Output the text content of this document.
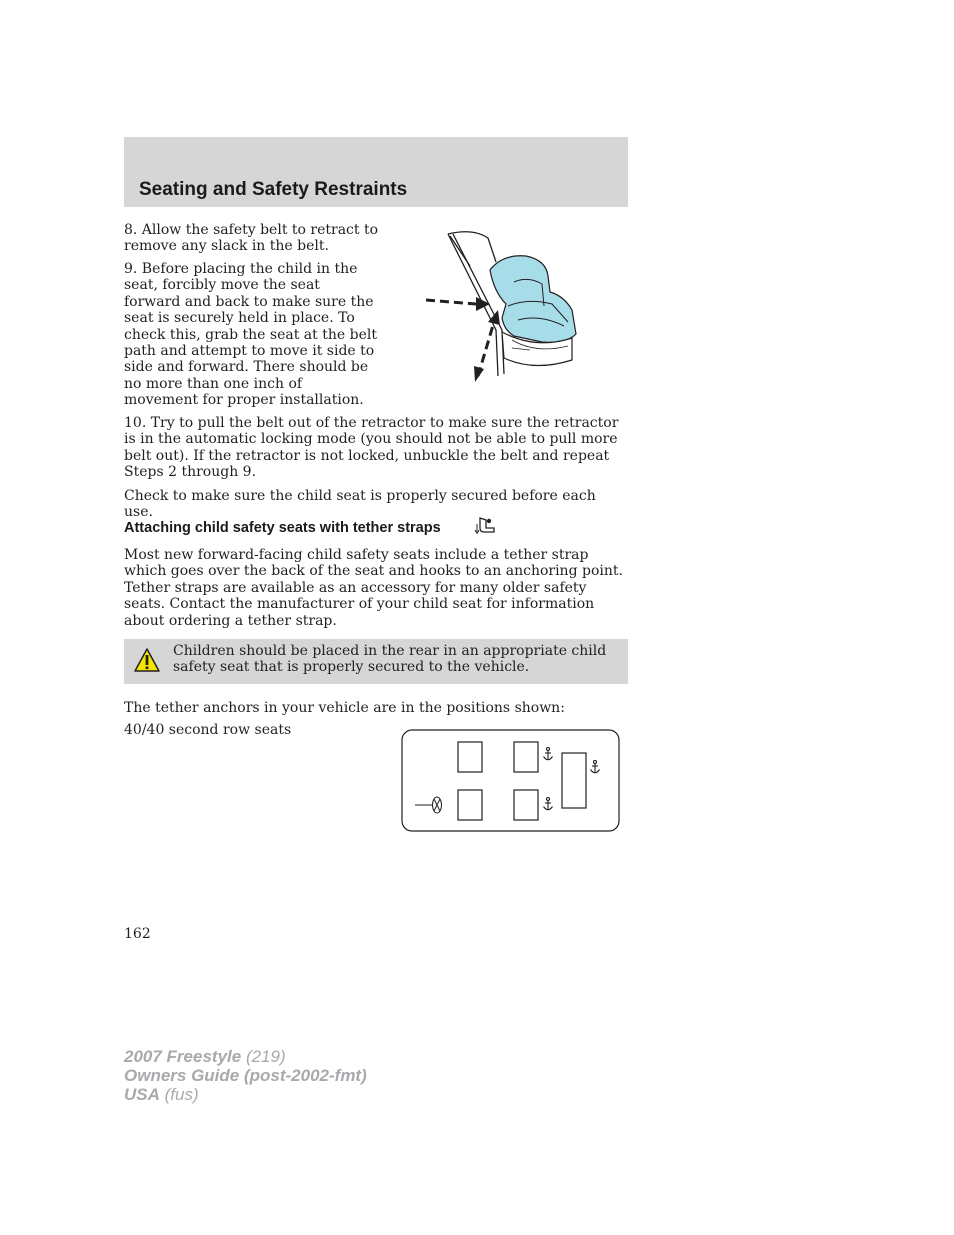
Seating and Safety Restraints

8. Allow the safety belt to retract to remove any slack in the belt.

9. Before placing the child in the seat, forcibly move the seat forward and back to make sure the seat is securely held in place. To check this, grab the seat at the belt path and attempt to move it side to side and forward. There should be no more than one inch of movement for proper installation.

10. Try to pull the belt out of the retractor to make sure the retractor is in the automatic locking mode (you should not be able to pull more belt out). If the retractor is not locked, unbuckle the belt and repeat Steps 2 through 9.

Check to make sure the child seat is properly secured before each use.

Attaching child safety seats with tether straps

Most new forward-facing child safety seats include a tether strap which goes over the back of the seat and hooks to an anchoring point. Tether straps are available as an accessory for many older safety seats. Contact the manufacturer of your child seat for information about ordering a tether strap.

Children should be placed in the rear in an appropriate child safety seat that is properly secured to the vehicle.

The tether anchors in your vehicle are in the positions shown:

40/40 second row seats

162

2007 Freestyle (219)
Owners Guide (post-2002-fmt)
USA (fus)
